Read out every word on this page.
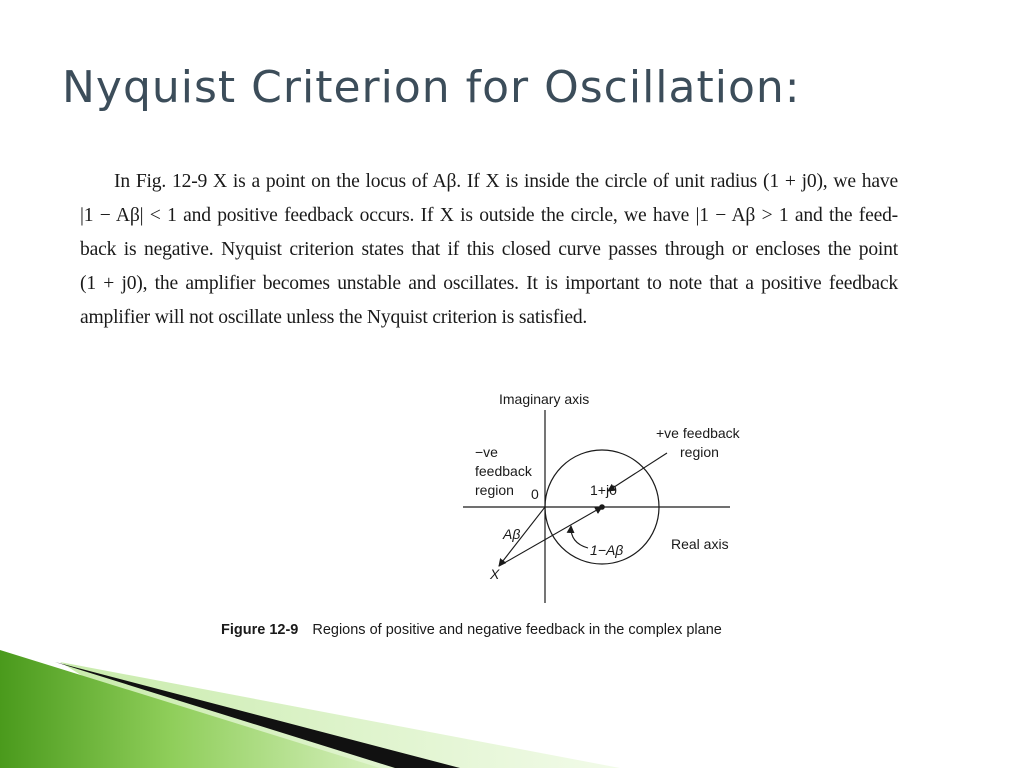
Nyquist Criterion for Oscillation:
In Fig. 12-9 X is a point on the locus of Aβ. If X is inside the circle of unit radius (1 + j0), we have
|1 − Aβ| < 1 and positive feedback occurs. If X is outside the circle, we have |1 − Aβ > 1 and the feed-
back is negative. Nyquist criterion states that if this closed curve passes through or encloses the point
(1 + j0), the amplifier becomes unstable and oscillates. It is important to note that a positive feedback
amplifier will not oscillate unless the Nyquist criterion is satisfied.
Imaginary axis
Real axis
−ve
feedback
region
+ve feedback
region
0	1+j0
Aβ
1−Aβ
X
Figure 12-9 Regions of positive and negative feedback in the complex plane
